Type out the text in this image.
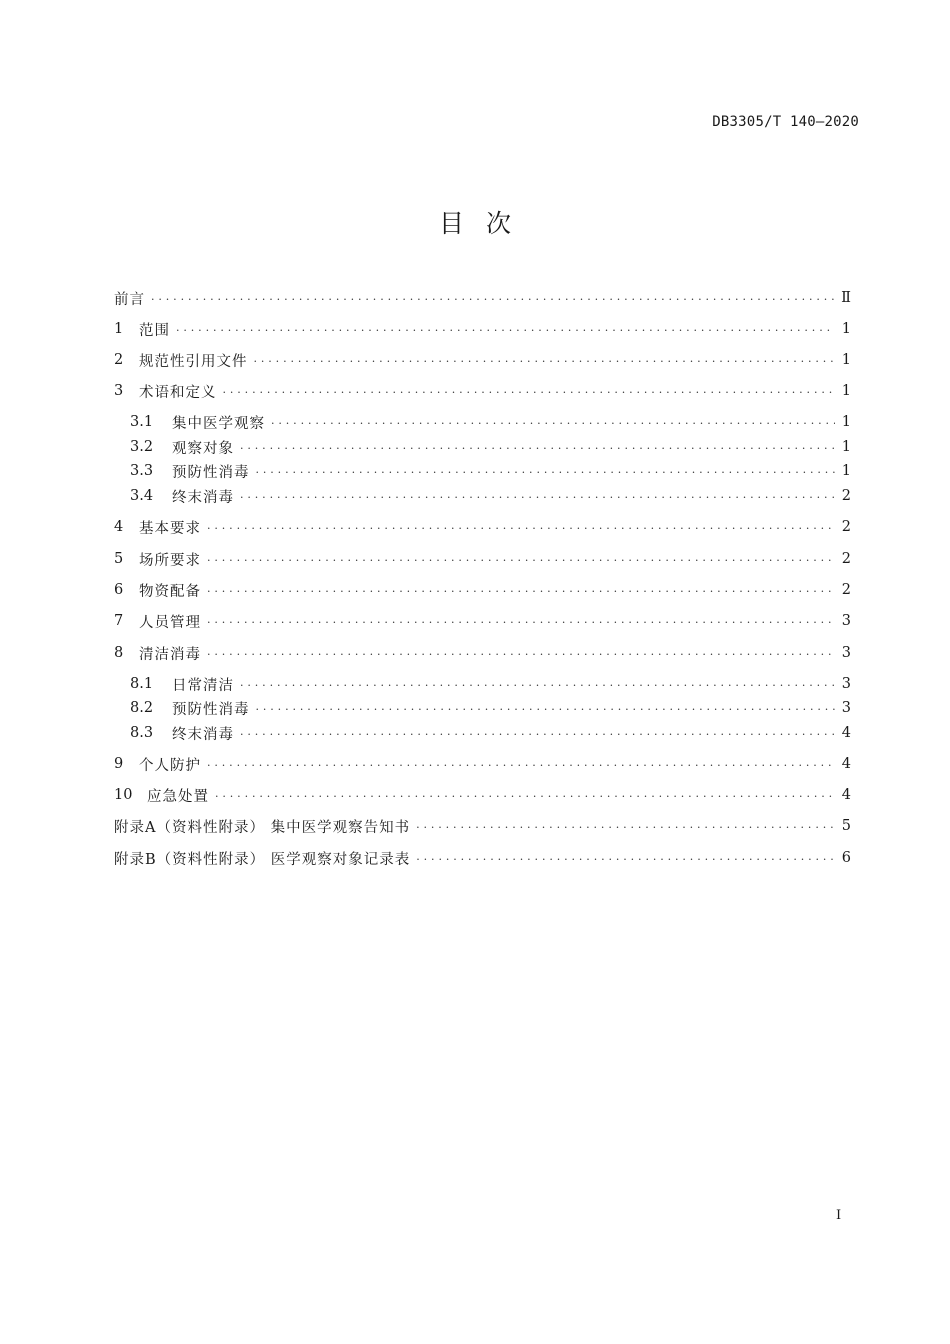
DB3305/T 140—2020
目次
前言 . . .	Ⅱ
1	范围 . . .	1
2	规范性引用文件 . . .	1
3	术语和定义 . . .	1
3.1	集中医学观察 . . .	1
3.2	观察对象 . . .	1
3.3	预防性消毒 . . .	1
3.4	终末消毒 . . .	2
4	基本要求 . . .	2
5	场所要求 . . .	2
6	物资配备 . . .	2
7	人员管理 . . .	3
8	清洁消毒 . . .	3
8.1	日常清洁 . . .	3
8.2	预防性消毒 . . .	3
8.3	终末消毒 . . .	4
9	个人防护 . . .	4
10	应急处置 . . .	4
附录A（资料性附录） 集中医学观察告知书 . . .	5
附录B（资料性附录） 医学观察对象记录表 . . .	6
I
